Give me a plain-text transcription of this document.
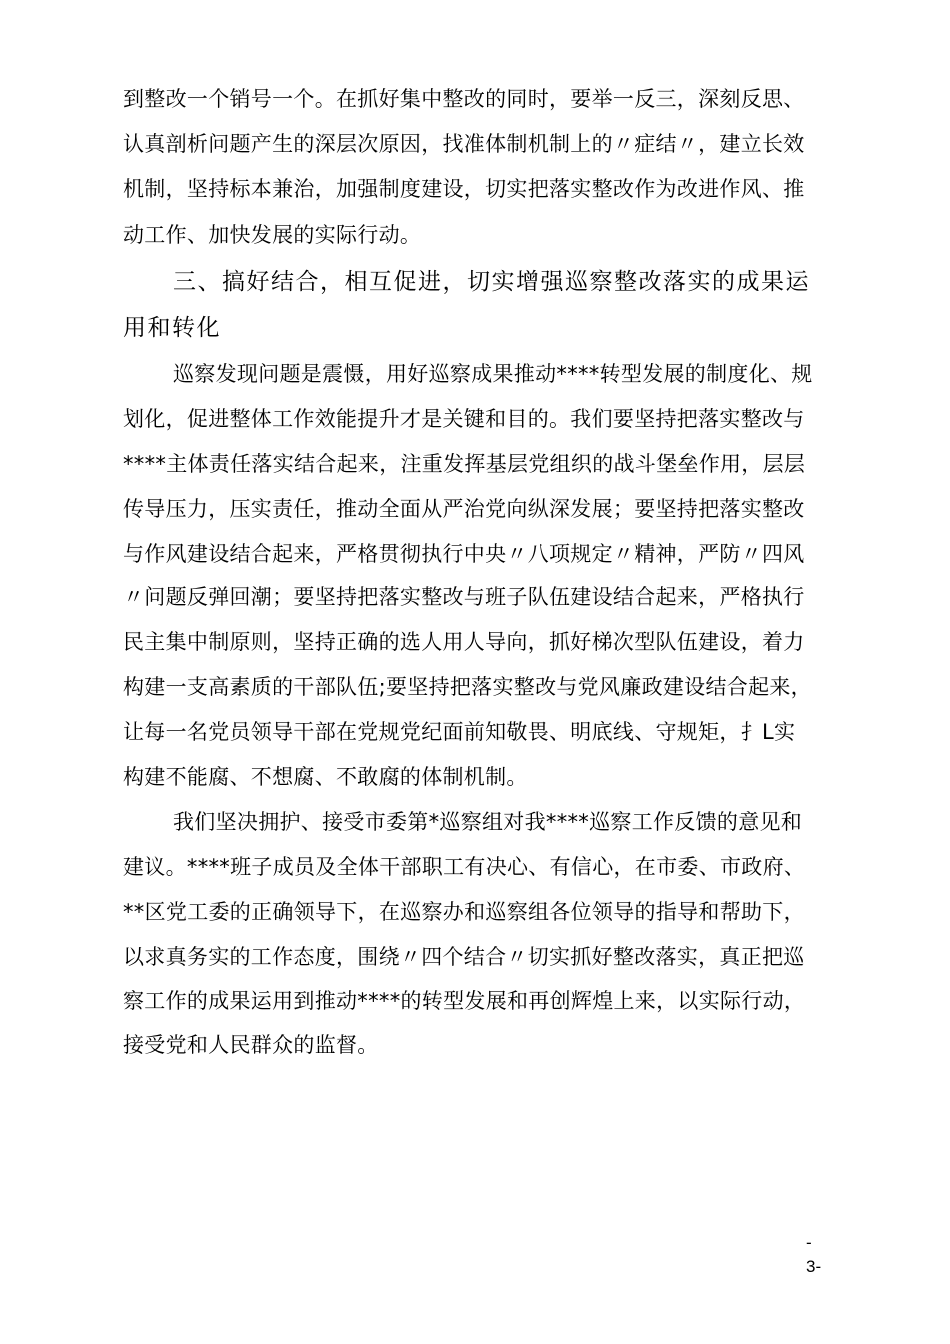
到整改一个销号一个。在抓好集中整改的同时，要举一反三，深刻反思、
认真剖析问题产生的深层次原因，找准体制机制上的〃症结〃，建立长效
机制，坚持标本兼治，加强制度建设，切实把落实整改作为改进作风、推
动工作、加快发展的实际行动。
三、搞好结合，相互促进，切实增强巡察整改落实的成果运
用和转化
巡察发现问题是震慑，用好巡察成果推动****转型发展的制度化、规
划化，促进整体工作效能提升才是关键和目的。我们要坚持把落实整改与
****主体责任落实结合起来，注重发挥基层党组织的战斗堡垒作用，层层
传导压力，压实责任，推动全面从严治党向纵深发展；要坚持把落实整改
与作风建设结合起来，严格贯彻执行中央〃八项规定〃精神，严防〃四风
〃问题反弹回潮；要坚持把落实整改与班子队伍建设结合起来，严格执行
民主集中制原则，坚持正确的选人用人导向，抓好梯次型队伍建设，着力
构建一支高素质的干部队伍;要坚持把落实整改与党风廉政建设结合起来，
让每一名党员领导干部在党规党纪面前知敬畏、明底线、守规矩，扌L实
构建不能腐、不想腐、不敢腐的体制机制。
我们坚决拥护、接受市委第*巡察组对我****巡察工作反馈的意见和
建议。****班子成员及全体干部职工有决心、有信心，在市委、市政府、
**区党工委的正确领导下，在巡察办和巡察组各位领导的指导和帮助下，
以求真务实的工作态度，围绕〃四个结合〃切实抓好整改落实，真正把巡
察工作的成果运用到推动****的转型发展和再创辉煌上来，以实际行动，
接受党和人民群众的监督。
-
3-
